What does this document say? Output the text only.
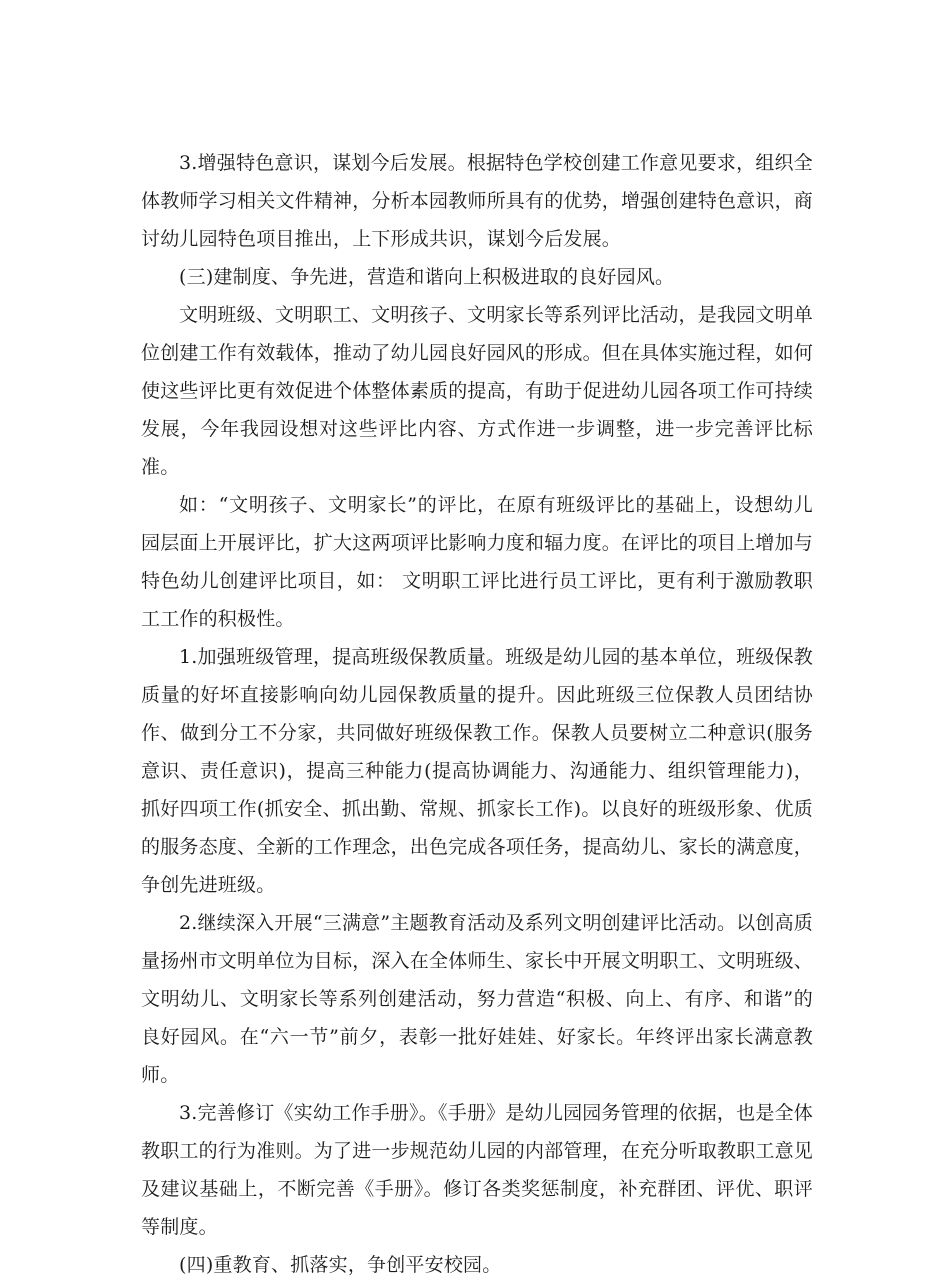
3.增强特色意识，谋划今后发展。根据特色学校创建工作意见要求，组织全体教师学习相关文件精神，分析本园教师所具有的优势，增强创建特色意识，商讨幼儿园特色项目推出，上下形成共识，谋划今后发展。

(三)建制度、争先进，营造和谐向上积极进取的良好园风。

文明班级、文明职工、文明孩子、文明家长等系列评比活动，是我园文明单位创建工作有效载体，推动了幼儿园良好园风的形成。但在具体实施过程，如何使这些评比更有效促进个体整体素质的提高，有助于促进幼儿园各项工作可持续发展，今年我园设想对这些评比内容、方式作进一步调整，进一步完善评比标准。

如：“文明孩子、文明家长”的评比，在原有班级评比的基础上，设想幼儿园层面上开展评比，扩大这两项评比影响力度和辐力度。在评比的项目上增加与特色幼儿创建评比项目，如： 文明职工评比进行员工评比，更有利于激励教职工工作的积极性。

1.加强班级管理，提高班级保教质量。班级是幼儿园的基本单位，班级保教质量的好坏直接影响向幼儿园保教质量的提升。因此班级三位保教人员团结协作、做到分工不分家，共同做好班级保教工作。保教人员要树立二种意识(服务意识、责任意识)，提高三种能力(提高协调能力、沟通能力、组织管理能力)，抓好四项工作(抓安全、抓出勤、常规、抓家长工作)。以良好的班级形象、优质的服务态度、全新的工作理念，出色完成各项任务，提高幼儿、家长的满意度，争创先进班级。

2.继续深入开展“三满意”主题教育活动及系列文明创建评比活动。以创高质量扬州市文明单位为目标，深入在全体师生、家长中开展文明职工、文明班级、文明幼儿、文明家长等系列创建活动，努力营造“积极、向上、有序、和谐”的良好园风。在“六一节”前夕，表彰一批好娃娃、好家长。年终评出家长满意教师。

3.完善修订《实幼工作手册》。《手册》是幼儿园园务管理的依据，也是全体教职工的行为准则。为了进一步规范幼儿园的内部管理，在充分听取教职工意见及建议基础上，不断完善《手册》。修订各类奖惩制度，补充群团、评优、职评等制度。

(四)重教育、抓落实，争创平安校园。
